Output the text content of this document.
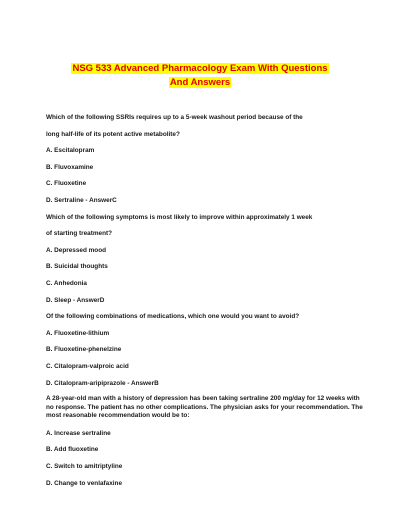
NSG 533 Advanced Pharmacology Exam With Questions
And Answers
Which of the following SSRIs requires up to a 5-week washout period because of the
long half-life of its potent active metabolite?
A. Escitalopram
B. Fluvoxamine
C. Fluoxetine
D. Sertraline - AnswerC
Which of the following symptoms is most likely to improve within approximately 1 week
of starting treatment?
A. Depressed mood
B. Suicidal thoughts
C. Anhedonia
D. Sleep - AnswerD
Of the following combinations of medications, which one would you want to avoid?
A. Fluoxetine-lithium
B. Fluoxetine-phenelzine
C. Citalopram-valproic acid
D. Citalopram-aripiprazole - AnswerB
A 28-year-old man with a history of depression has been taking sertraline 200 mg/day for 12 weeks with no response. The patient has no other complications. The physician asks for your recommendation. The most reasonable recommendation would be to:
A. Increase sertraline
B. Add fluoxetine
C. Switch to amitriptyline
D. Change to venlafaxine
